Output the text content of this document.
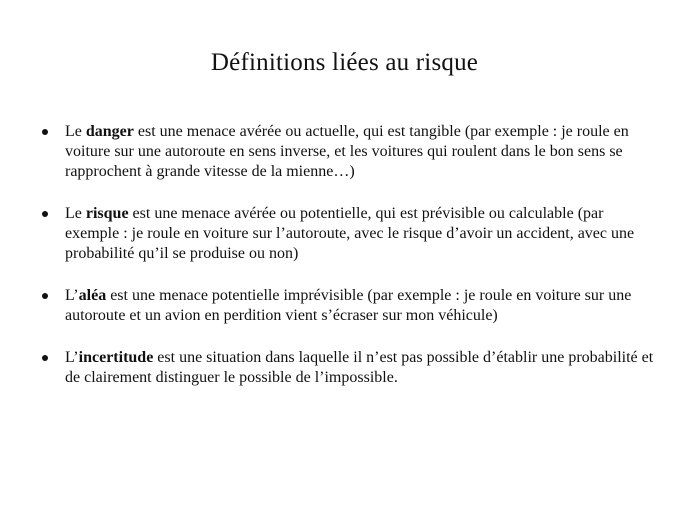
Définitions liées au risque
Le danger est une menace avérée ou actuelle, qui est tangible (par exemple : je roule en voiture sur une autoroute en sens inverse, et les voitures qui roulent dans le bon sens se rapprochent à grande vitesse de la mienne…)
Le risque est une menace avérée ou potentielle, qui est prévisible ou calculable (par exemple : je roule en voiture sur l’autoroute, avec le risque d’avoir un accident, avec une probabilité qu’il se produise ou non)
L’aléa est une menace potentielle imprévisible (par exemple : je roule en voiture sur une autoroute et un avion en perdition vient s’écraser sur mon véhicule)
L’incertitude est une situation dans laquelle il n’est pas possible d’établir une probabilité et de clairement distinguer le possible de l’impossible.
